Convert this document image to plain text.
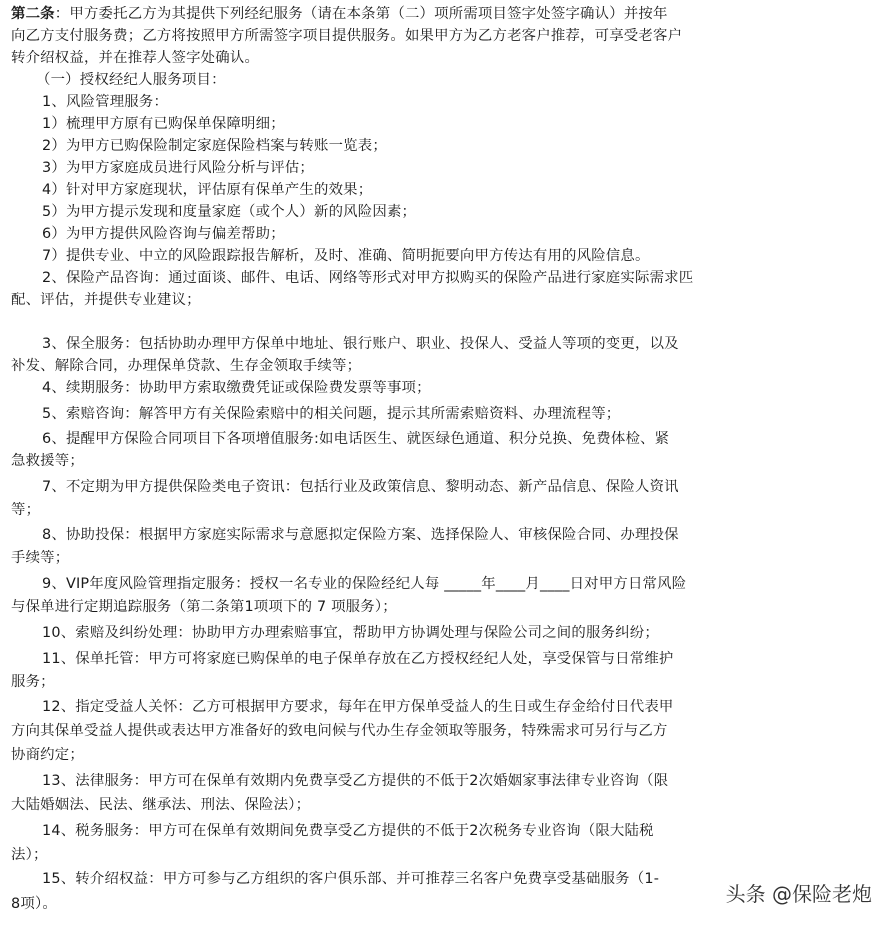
第二条：甲方委托乙方为其提供下列经纪服务（请在本条第（二）项所需项目签字处签字确认）并按年
向乙方支付服务费；乙方将按照甲方所需签字项目提供服务。如果甲方为乙方老客户推荐，可享受老客户
转介绍权益，并在推荐人签字处确认。
（一）授权经纪人服务项目：
1、风险管理服务：
1）梳理甲方原有已购保单保障明细；
2）为甲方已购保险制定家庭保险档案与转账一览表；
3）为甲方家庭成员进行风险分析与评估；
4）针对甲方家庭现状，评估原有保单产生的效果；
5）为甲方提示发现和度量家庭（或个人）新的风险因素；
6）为甲方提供风险咨询与偏差帮助；
7）提供专业、中立的风险跟踪报告解析，及时、准确、简明扼要向甲方传达有用的风险信息。
2、保险产品咨询：通过面谈、邮件、电话、网络等形式对甲方拟购买的保险产品进行家庭实际需求匹
配、评估，并提供专业建议；
3、保全服务：包括协助办理甲方保单中地址、银行账户、职业、投保人、受益人等项的变更，以及
补发、解除合同，办理保单贷款、生存金领取手续等；
4、续期服务：协助甲方索取缴费凭证或保险费发票等事项；
5、索赔咨询：解答甲方有关保险索赔中的相关问题，提示其所需索赔资料、办理流程等；
6、提醒甲方保险合同项目下各项增值服务:如电话医生、就医绿色通道、积分兑换、免费体检、紧
急救援等；
7、不定期为甲方提供保险类电子资讯：包括行业及政策信息、黎明动态、新产品信息、保险人资讯
等；
8、协助投保：根据甲方家庭实际需求与意愿拟定保险方案、选择保险人、审核保险合同、办理投保
手续等；
9、VIP年度风险管理指定服务：授权一名专业的保险经纪人每 _____年____月____日对甲方日常风险
与保单进行定期追踪服务（第二条第1项项下的 7 项服务）；
10、索赔及纠纷处理：协助甲方办理索赔事宜，帮助甲方协调处理与保险公司之间的服务纠纷；
11、保单托管：甲方可将家庭已购保单的电子保单存放在乙方授权经纪人处，享受保管与日常维护
服务；
12、指定受益人关怀：乙方可根据甲方要求，每年在甲方保单受益人的生日或生存金给付日代表甲
方向其保单受益人提供或表达甲方准备好的致电问候与代办生存金领取等服务，特殊需求可另行与乙方
协商约定；
13、法律服务：甲方可在保单有效期内免费享受乙方提供的不低于2次婚姻家事法律专业咨询（限
大陆婚姻法、民法、继承法、刑法、保险法）；
14、税务服务：甲方可在保单有效期间免费享受乙方提供的不低于2次税务专业咨询（限大陆税
法）；
15、转介绍权益：甲方可参与乙方组织的客户俱乐部、并可推荐三名客户免费享受基础服务（1-
8项）。	头条 @保险老炮
